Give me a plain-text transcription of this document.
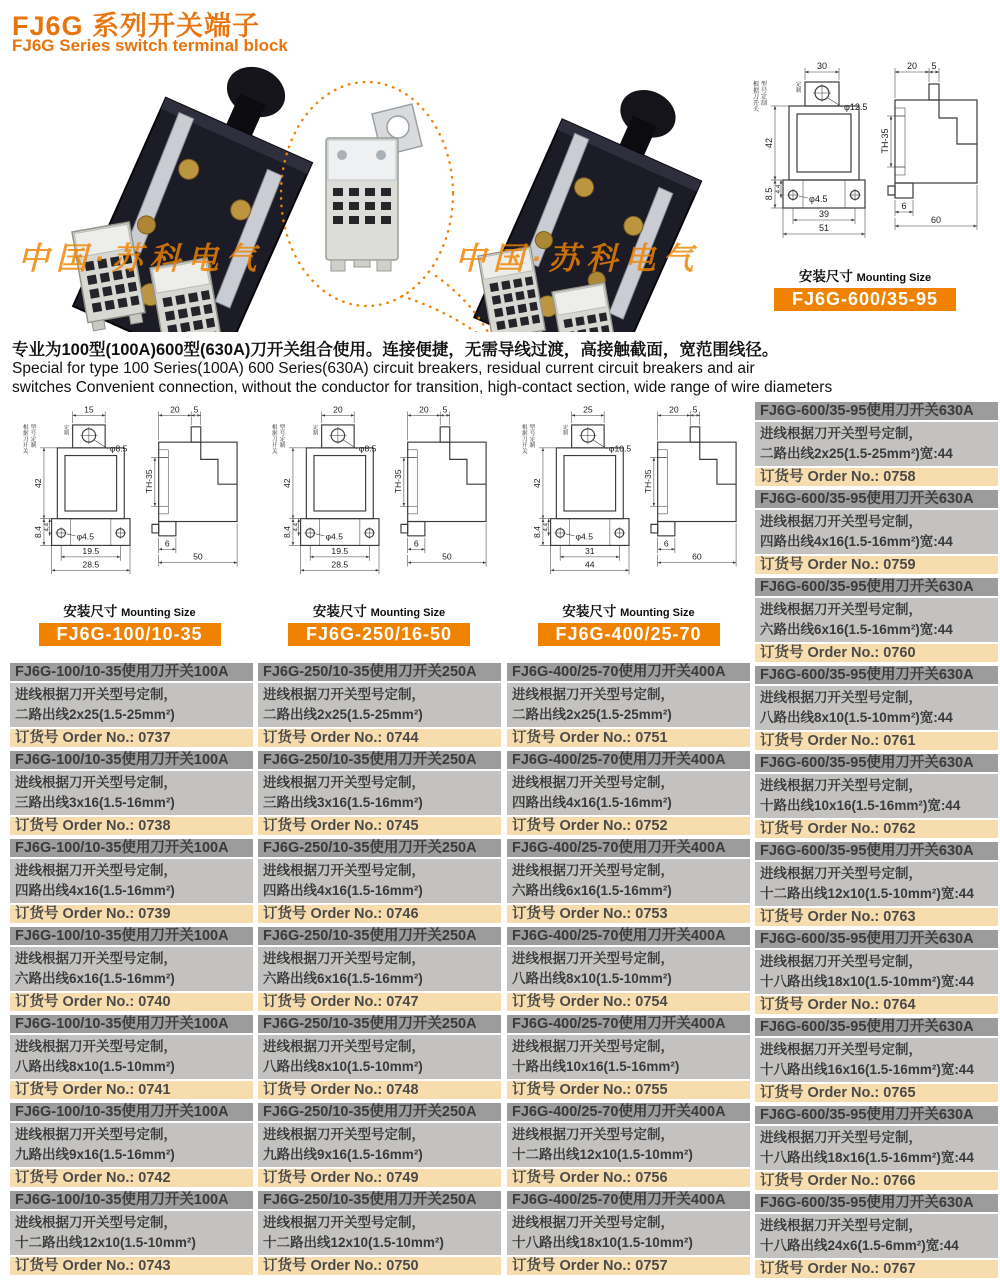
FJ6G 系列开关端子
FJ6G Series switch terminal block
中国·苏科电气	中国·苏科电气
30
φ12.5
42
8.5 4.4
φ4.5
39
51
20 5
TH-35
6
60
根据刀开关
型号定制
定制
安装尺寸 Mounting Size
FJ6G-600/35-95
专业为100型(100A)600型(630A)刀开关组合使用。连接便捷，无需导线过渡，高接触截面，宽范围线径。
Special for type 100 Series(100A) 600 Series(630A) circuit breakers, residual current circuit breakers and air
switches Convenient connection, without the conductor for transition, high-contact section, wide range of wire diameters
15
φ8.5
42
8.4 4.4
φ4.5
19.5
28.5
20 5
TH-35
6
50
根据刀开关
型号定制
定制
安装尺寸 Mounting Size
FJ6G-100/10-35
20
φ8.5
42
8.4 4.4
φ4.5
19.5
28.5
20 5
TH-35
6
50
根据刀开关
型号定制
定制
安装尺寸 Mounting Size
FJ6G-250/16-50
25
φ10.5
42
8.4 4.4
φ4.5
31
44
20 5
TH-35
6
60
根据刀开关
型号定制
定制
安装尺寸 Mounting Size
FJ6G-400/25-70
FJ6G-100/10-35使用刀开关100A
进线根据刀开关型号定制，
二路出线2x25(1.5-25mm²)
订货号 Order No.: 0737
FJ6G-100/10-35使用刀开关100A
进线根据刀开关型号定制，
三路出线3x16(1.5-16mm²)
订货号 Order No.: 0738
FJ6G-100/10-35使用刀开关100A
进线根据刀开关型号定制，
四路出线4x16(1.5-16mm²)
订货号 Order No.: 0739
FJ6G-100/10-35使用刀开关100A
进线根据刀开关型号定制，
六路出线6x16(1.5-16mm²)
订货号 Order No.: 0740
FJ6G-100/10-35使用刀开关100A
进线根据刀开关型号定制，
八路出线8x10(1.5-10mm²)
订货号 Order No.: 0741
FJ6G-100/10-35使用刀开关100A
进线根据刀开关型号定制，
九路出线9x16(1.5-16mm²)
订货号 Order No.: 0742
FJ6G-100/10-35使用刀开关100A
进线根据刀开关型号定制，
十二路出线12x10(1.5-10mm²)
订货号 Order No.: 0743
FJ6G-250/10-35使用刀开关250A
进线根据刀开关型号定制，
二路出线2x25(1.5-25mm²)
订货号 Order No.: 0744
FJ6G-250/10-35使用刀开关250A
进线根据刀开关型号定制，
三路出线3x16(1.5-16mm²)
订货号 Order No.: 0745
FJ6G-250/10-35使用刀开关250A
进线根据刀开关型号定制，
四路出线4x16(1.5-16mm²)
订货号 Order No.: 0746
FJ6G-250/10-35使用刀开关250A
进线根据刀开关型号定制，
六路出线6x16(1.5-16mm²)
订货号 Order No.: 0747
FJ6G-250/10-35使用刀开关250A
进线根据刀开关型号定制，
八路出线8x10(1.5-10mm²)
订货号 Order No.: 0748
FJ6G-250/10-35使用刀开关250A
进线根据刀开关型号定制，
九路出线9x16(1.5-16mm²)
订货号 Order No.: 0749
FJ6G-250/10-35使用刀开关250A
进线根据刀开关型号定制，
十二路出线12x10(1.5-10mm²)
订货号 Order No.: 0750
FJ6G-400/25-70使用刀开关400A
进线根据刀开关型号定制，
二路出线2x25(1.5-25mm²)
订货号 Order No.: 0751
FJ6G-400/25-70使用刀开关400A
进线根据刀开关型号定制，
四路出线4x16(1.5-16mm²)
订货号 Order No.: 0752
FJ6G-400/25-70使用刀开关400A
进线根据刀开关型号定制，
六路出线6x16(1.5-16mm²)
订货号 Order No.: 0753
FJ6G-400/25-70使用刀开关400A
进线根据刀开关型号定制，
八路出线8x10(1.5-10mm²)
订货号 Order No.: 0754
FJ6G-400/25-70使用刀开关400A
进线根据刀开关型号定制，
十路出线10x16(1.5-16mm²)
订货号 Order No.: 0755
FJ6G-400/25-70使用刀开关400A
进线根据刀开关型号定制，
十二路出线12x10(1.5-10mm²)
订货号 Order No.: 0756
FJ6G-400/25-70使用刀开关400A
进线根据刀开关型号定制，
十八路出线18x10(1.5-10mm²)
订货号 Order No.: 0757
FJ6G-600/35-95使用刀开关630A
进线根据刀开关型号定制，
二路出线2x25(1.5-25mm²)宽:44
订货号 Order No.: 0758
FJ6G-600/35-95使用刀开关630A
进线根据刀开关型号定制，
四路出线4x16(1.5-16mm²)宽:44
订货号 Order No.: 0759
FJ6G-600/35-95使用刀开关630A
进线根据刀开关型号定制，
六路出线6x16(1.5-16mm²)宽:44
订货号 Order No.: 0760
FJ6G-600/35-95使用刀开关630A
进线根据刀开关型号定制，
八路出线8x10(1.5-10mm²)宽:44
订货号 Order No.: 0761
FJ6G-600/35-95使用刀开关630A
进线根据刀开关型号定制，
十路出线10x16(1.5-16mm²)宽:44
订货号 Order No.: 0762
FJ6G-600/35-95使用刀开关630A
进线根据刀开关型号定制，
十二路出线12x10(1.5-10mm²)宽:44
订货号 Order No.: 0763
FJ6G-600/35-95使用刀开关630A
进线根据刀开关型号定制，
十八路出线18x10(1.5-10mm²)宽:44
订货号 Order No.: 0764
FJ6G-600/35-95使用刀开关630A
进线根据刀开关型号定制，
十八路出线16x16(1.5-16mm²)宽:44
订货号 Order No.: 0765
FJ6G-600/35-95使用刀开关630A
进线根据刀开关型号定制，
十八路出线18x16(1.5-16mm²)宽:44
订货号 Order No.: 0766
FJ6G-600/35-95使用刀开关630A
进线根据刀开关型号定制，
十八路出线24x6(1.5-6mm²)宽:44
订货号 Order No.: 0767
